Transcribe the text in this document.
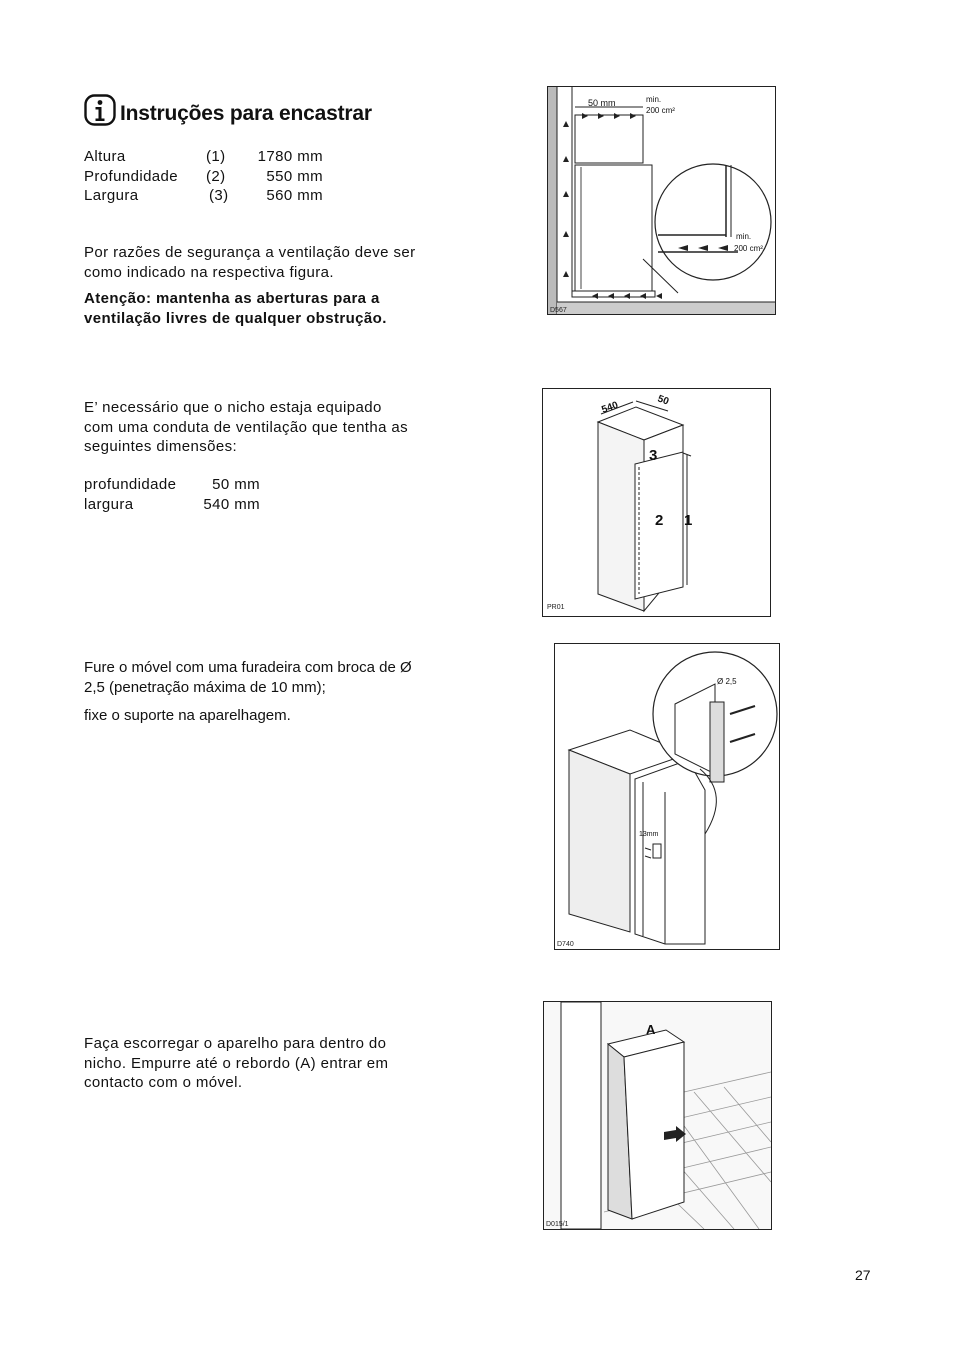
Instruções para encastrar
Altura	(1)	1780 mm
Profundidade	(2)	550 mm
Largura	(3)	560 mm
Por razões de segurança a ventilação deve ser
como indicado na respectiva figura.
Atenção: mantenha as aberturas para a
ventilação livres de qualquer obstrução.
E’ necessário que o nicho estaja equipado
com uma conduta de ventilação que tentha as
seguintes dimensões:
profundidade	50 mm
largura	540 mm
Fure o móvel com uma furadeira com broca de Ø
2,5 (penetração máxima de 10 mm);
fixe o suporte na aparelhagem.
Faça escorregar o aparelho para dentro do
nicho. Empurre até o rebordo (A) entrar em
contacto com o móvel.
50 mm	min.
200 cm²
min.
200 cm²
D567
540	50
3
2 1
PR01
Ø 2,5
13mm
D740
A
D015/1
27
